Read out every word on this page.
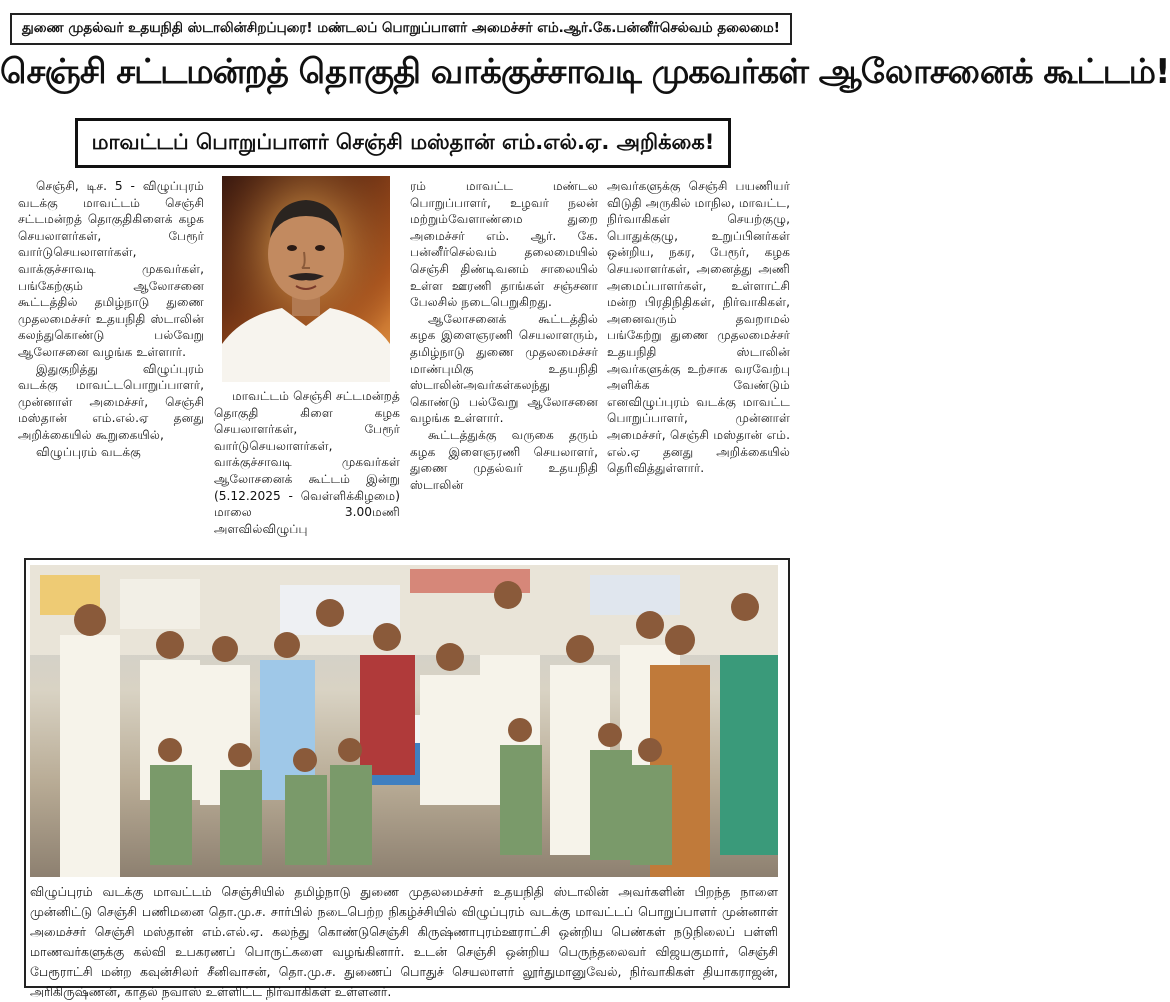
துணை முதல்வர் உதயநிதி ஸ்டாலின்சிறப்புரை! மண்டலப் பொறுப்பாளர் அமைச்சர் எம்.ஆர்.கே.பன்னீர்செல்வம் தலைமை!
செஞ்சி சட்டமன்றத் தொகுதி வாக்குச்சாவடி முகவர்கள் ஆலோசனைக் கூட்டம்!
மாவட்டப் பொறுப்பாளர் செஞ்சி மஸ்தான் எம்.எல்.ஏ. அறிக்கை!

செஞ்சி, டிச. 5 - விழுப்புரம் வடக்கு மாவட்டம் செஞ்சி சட்டமன்றத் தொகுதிகிளைக் கழக செயலாளர்கள், பேரூர் வார்டுசெயலாளர்கள், வாக்குச்சாவடி முகவர்கள், பங்கேற்கும் ஆலோசனை கூட்டத்தில் தமிழ்நாடு துணை முதலமைச்சர் உதயநிதி ஸ்டாலின் கலந்துகொண்டு பல்வேறு ஆலோசனை வழங்க உள்ளார்.

இதுகுறித்து விழுப்புரம் வடக்கு மாவட்டபொறுப்பாளர், முன்னாள் அமைச்சர், செஞ்சி மஸ்தான் எம்.எல்.ஏ தனது அறிக்கையில் கூறுகையில்,

விழுப்புரம் வடக்கு

மாவட்டம் செஞ்சி சட்டமன்றத் தொகுதி கிளை கழக செயலாளர்கள், பேரூர் வார்டுசெயலாளர்கள், வாக்குச்சாவடி முகவர்கள் ஆலோசனைக் கூட்டம் இன்று (5.12.2025 - வெள்ளிக்கிழமை) மாலை 3.00மணி அளவில்விழுப்பு

ரம் மாவட்ட மண்டல பொறுப்பாளர், உழவர் நலன் மற்றும்வேளாண்மை துறை அமைச்சர் எம். ஆர். கே. பன்னீர்செல்வம் தலைமையில் செஞ்சி திண்டிவனம் சாலையில் உள்ள ஊரணி தாங்கள் சஞ்சனா பேலசில் நடைபெறுகிறது.

ஆலோசனைக் கூட்டத்தில் கழக இளைஞரணி செயலாளரும், தமிழ்நாடு துணை முதலமைச்சர் மாண்புமிகு உதயநிதி ஸ்டாலின்அவர்கள்கலந்து கொண்டு பல்வேறு ஆலோசனை வழங்க உள்ளார்.

கூட்டத்துக்கு வருகை தரும் கழக இளைஞரணி செயலாளர், துணை முதல்வர் உதயநிதி ஸ்டாலின்

அவர்களுக்கு செஞ்சி பயணியர் விடுதி அருகில் மாநில, மாவட்ட, நிர்வாகிகள் செயற்குழு, பொதுக்குழு, உறுப்பினர்கள் ஒன்றிய, நகர, பேரூர், கழக செயலாளர்கள், அனைத்து அணி அமைப்பாளர்கள், உள்ளாட்சி மன்ற பிரதிநிதிகள், நிர்வாகிகள், அனைவரும் தவறாமல் பங்கேற்று துணை முதலமைச்சர் உதயநிதி ஸ்டாலின் அவர்களுக்கு உற்சாக வரவேற்பு அளிக்க வேண்டும் எனவிழுப்புரம் வடக்கு மாவட்ட பொறுப்பாளர், முன்னாள் அமைச்சர், செஞ்சி மஸ்தான் எம். எல்.ஏ தனது அறிக்கையில் தெரிவித்துள்ளார்.

விழுப்புரம் வடக்கு மாவட்டம் செஞ்சியில் தமிழ்நாடு துணை முதலமைச்சர் உதயநிதி ஸ்டாலின் அவர்களின் பிறந்த நாளை முன்னிட்டு செஞ்சி பணிமனை தொ.மு.ச. சார்பில் நடைபெற்ற நிகழ்ச்சியில் விழுப்புரம் வடக்கு மாவட்டப் பொறுப்பாளர் முன்னாள் அமைச்சர் செஞ்சி மஸ்தான் எம்.எல்.ஏ. கலந்து கொண்டுசெஞ்சி கிருஷ்ணாபுரம்ஊராட்சி ஒன்றிய பெண்கள் நடுநிலைப் பள்ளி மாணவர்களுக்கு கல்வி உபகரணப் பொருட்களை வழங்கினார். உடன் செஞ்சி ஒன்றிய பெருந்தலைவர் விஜயகுமார், செஞ்சி பேரூராட்சி மன்ற கவுன்சிலர் சீனிவாசன், தொ.மு.ச. துணைப் பொதுச் செயலாளர் லூர்துமானுவேல், நிர்வாகிகள் தியாகராஜன், அரிகிருஷ்ணன், காதல் நவாஸ் உள்ளிட்ட நிர்வாகிகள் உள்ளனர்.
